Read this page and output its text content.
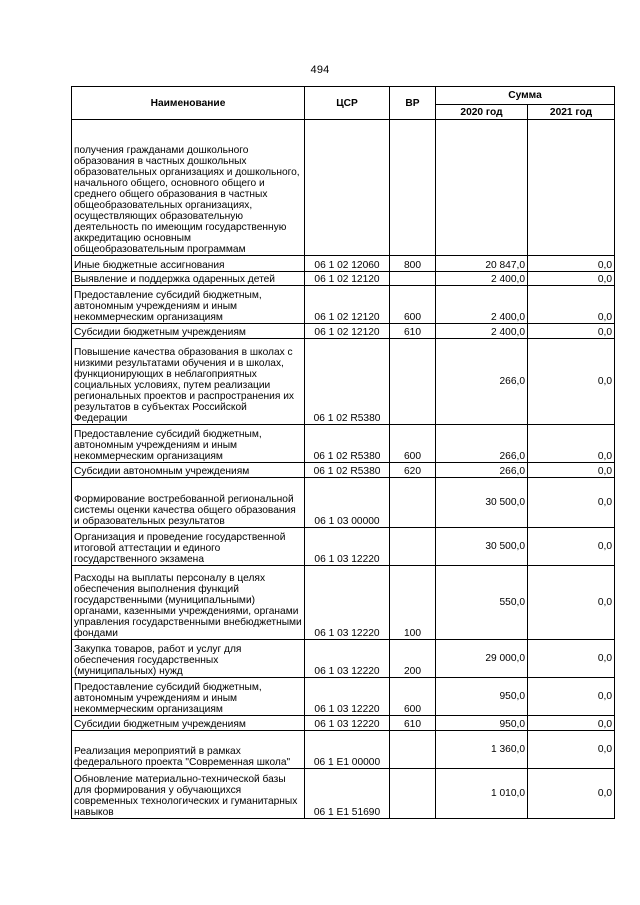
494
Наименование	ЦСР	ВР	Сумма	
			2020 год	2021 год
получения гражданами дошкольного образования в частных дошкольных образовательных организациях и дошкольного, начального общего, основного общего и среднего общего образования в частных общеобразовательных организациях, осуществляющих образовательную деятельность по имеющим государственную аккредитацию основным общеобразовательным программам				
Иные бюджетные ассигнования	06 1 02 12060	800	20 847,0	0,0
Выявление и поддержка одаренных детей	06 1 02 12120		2 400,0	0,0
Предоставление субсидий бюджетным, автономным учреждениям и иным некоммерческим организациям	06 1 02 12120	600	2 400,0	0,0
Субсидии бюджетным учреждениям	06 1 02 12120	610	2 400,0	0,0
Повышение качества образования в школах с низкими результатами обучения и в школах, функционирующих в неблагоприятных социальных условиях, путем реализации региональных проектов и распространения их результатов в субъектах Российской Федерации	06 1 02 R5380		266,0	0,0
Предоставление субсидий бюджетным, автономным учреждениям и иным некоммерческим организациям	06 1 02 R5380	600	266,0	0,0
Субсидии автономным учреждениям	06 1 02 R5380	620	266,0	0,0
Формирование востребованной региональной системы оценки качества общего образования и образовательных результатов	06 1 03 00000		30 500,0	0,0
Организация и проведение государственной итоговой аттестации и единого государственного экзамена	06 1 03 12220		30 500,0	0,0
Расходы на выплаты персоналу в целях обеспечения выполнения функций государственными (муниципальными) органами, казенными учреждениями, органами управления государственными внебюджетными фондами	06 1 03 12220	100	550,0	0,0
Закупка товаров, работ и услуг для обеспечения государственных (муниципальных) нужд	06 1 03 12220	200	29 000,0	0,0
Предоставление субсидий бюджетным, автономным учреждениям и иным некоммерческим организациям	06 1 03 12220	600	950,0	0,0
Субсидии бюджетным учреждениям	06 1 03 12220	610	950,0	0,0
Реализация мероприятий в рамках федерального проекта "Современная школа"	06 1 E1 00000		1 360,0	0,0
Обновление материально-технической базы для формирования у обучающихся современных технологических и гуманитарных навыков	06 1 E1 51690		1 010,0	0,0
